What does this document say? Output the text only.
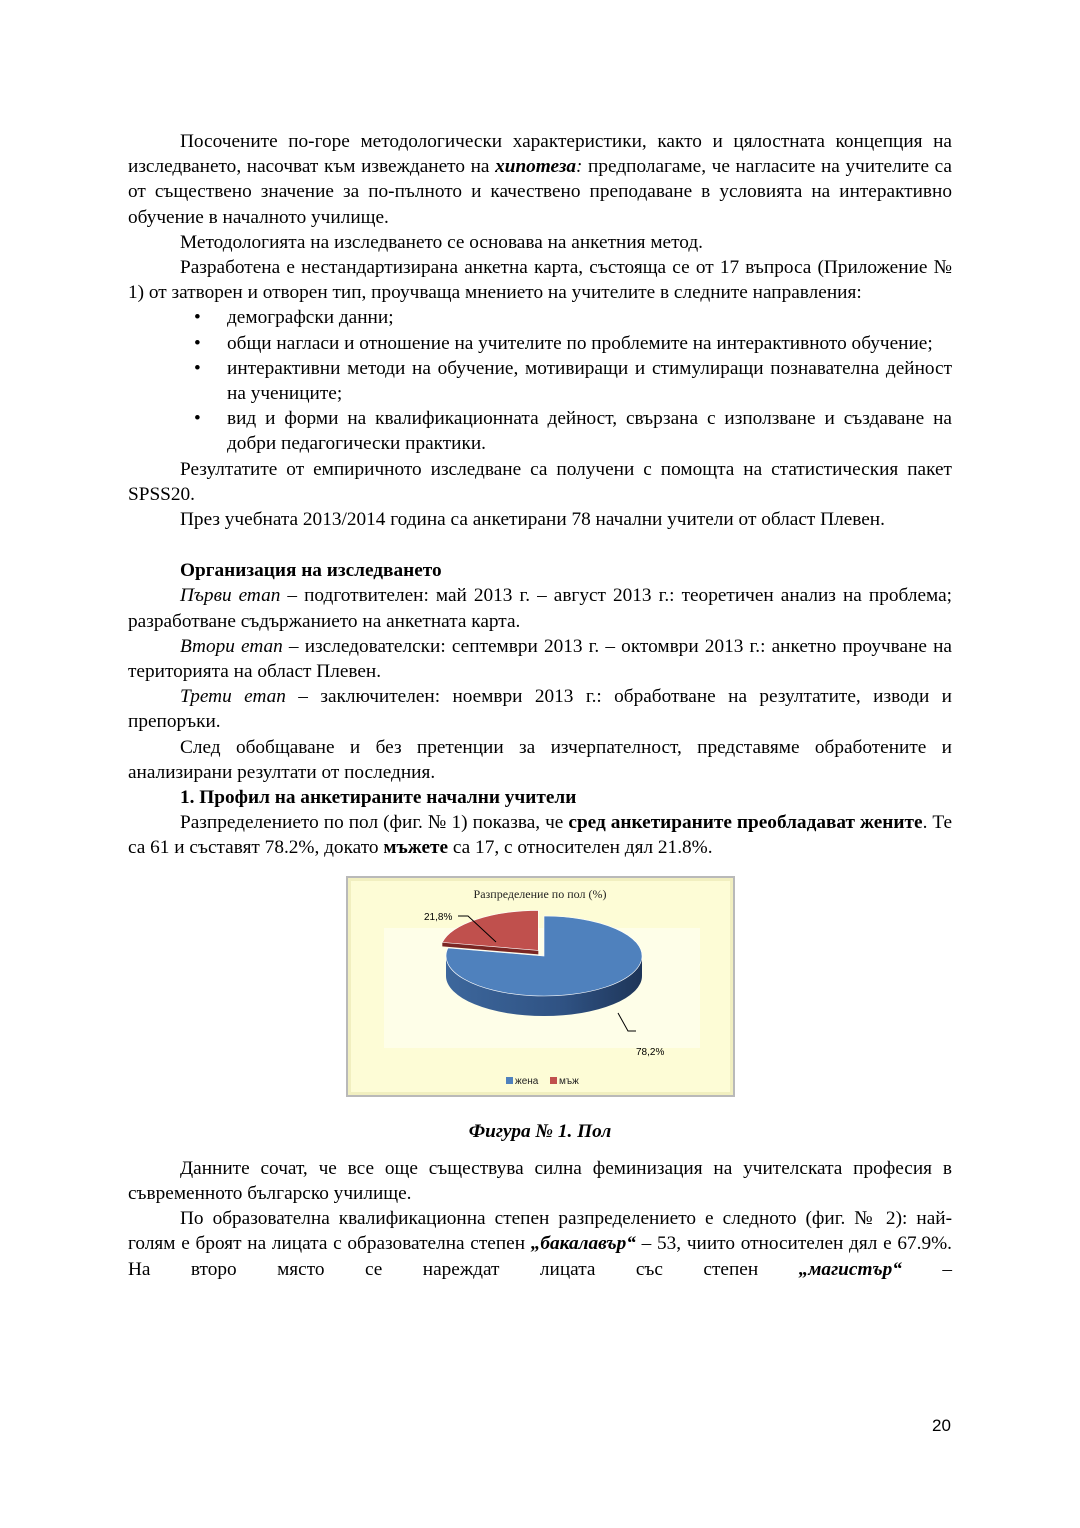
Посочените по-горе методологически характеристики, както и цялостната концепция на изследването, насочват към извеждането на хипотеза: предполагаме, че нагласите на учителите са от съществено значение за по-пълното и качествено преподаване в условията на интерактивно обучение в началното училище.

Методологията на изследването се основава на анкетния метод.

Разработена е нестандартизирана анкетна карта, състояща се от 17 въпроса (Приложение № 1) от затворен и отворен тип, проучваща мнението на учителите в следните направления:

• демографски данни;
• общи нагласи и отношение на учителите по проблемите на интерактивното обучение;
• интерактивни методи на обучение, мотивиращи и стимулиращи познавателна дейност на учениците;
• вид и форми на квалификационната дейност, свързана с използване и създаване на добри педагогически практики.

Резултатите от емпиричното изследване са получени с помощта на статистическия пакет SPSS20.

През учебната 2013/2014 година са анкетирани 78 начални учители от област Плевен.

Организация на изследването

Първи етап – подготвителен: май 2013 г. – август 2013 г.: теоретичен анализ на проблема; разработване съдържанието на анкетната карта.

Втори етап – изследователски: септември 2013 г. – октомври 2013 г.: анкетно проучване на територията на област Плевен.

Трети етап – заключителен: ноември 2013 г.: обработване на резултатите, изводи и препоръки.

След обобщаване и без претенции за изчерпателност, представяме обработените и анализирани резултати от последния.

1. Профил на анкетираните начални учители

Разпределението по пол (фиг. № 1) показва, че сред анкетираните преобладават жените. Те са 61 и съставят 78.2%, докато мъжете са 17, с относителен дял 21.8%.

Разпределение по пол (%)
21,8%
78,2%
жена мъж

Фигура № 1. Пол

Данните сочат, че все още съществува силна феминизация на учителската професия в съвременното българско училище.

По образователна квалификационна степен разпределението е следното (фиг. № 2): най-голям е броят на лицата с образователна степен „бакалавър“ – 53, чиито относителен дял е 67.9%. На второ място се нареждат лицата със степен „магистър“ –

20
